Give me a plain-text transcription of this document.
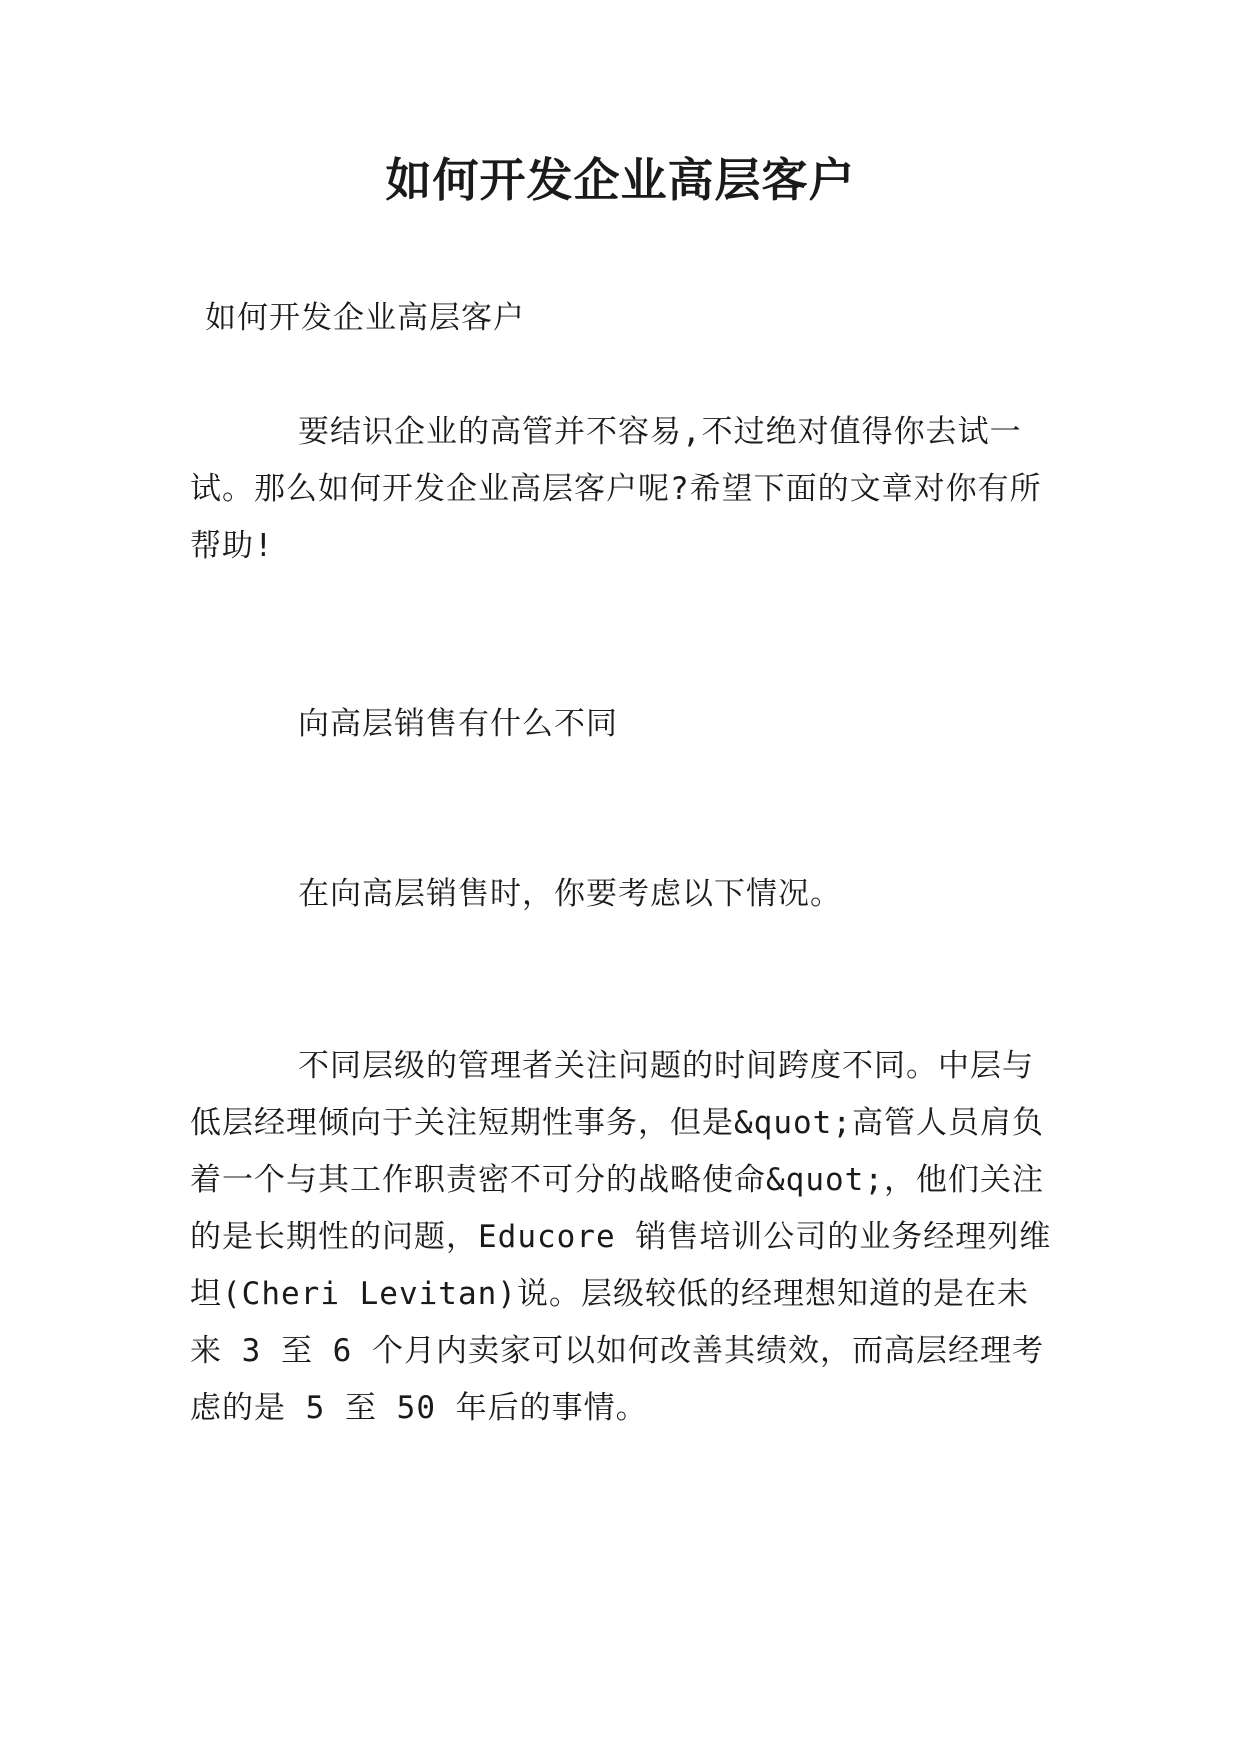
如何开发企业高层客户

如何开发企业高层客户

要结识企业的高管并不容易,不过绝对值得你去试一试。那么如何开发企业高层客户呢?希望下面的文章对你有所帮助!

向高层销售有什么不同

在向高层销售时，你要考虑以下情况。

不同层级的管理者关注问题的时间跨度不同。中层与低层经理倾向于关注短期性事务，但是&quot;高管人员肩负着一个与其工作职责密不可分的战略使命&quot;，他们关注的是长期性的问题，Educore 销售培训公司的业务经理列维坦(Cheri Levitan)说。层级较低的经理想知道的是在未来 3 至 6 个月内卖家可以如何改善其绩效，而高层经理考虑的是 5 至 50 年后的事情。
